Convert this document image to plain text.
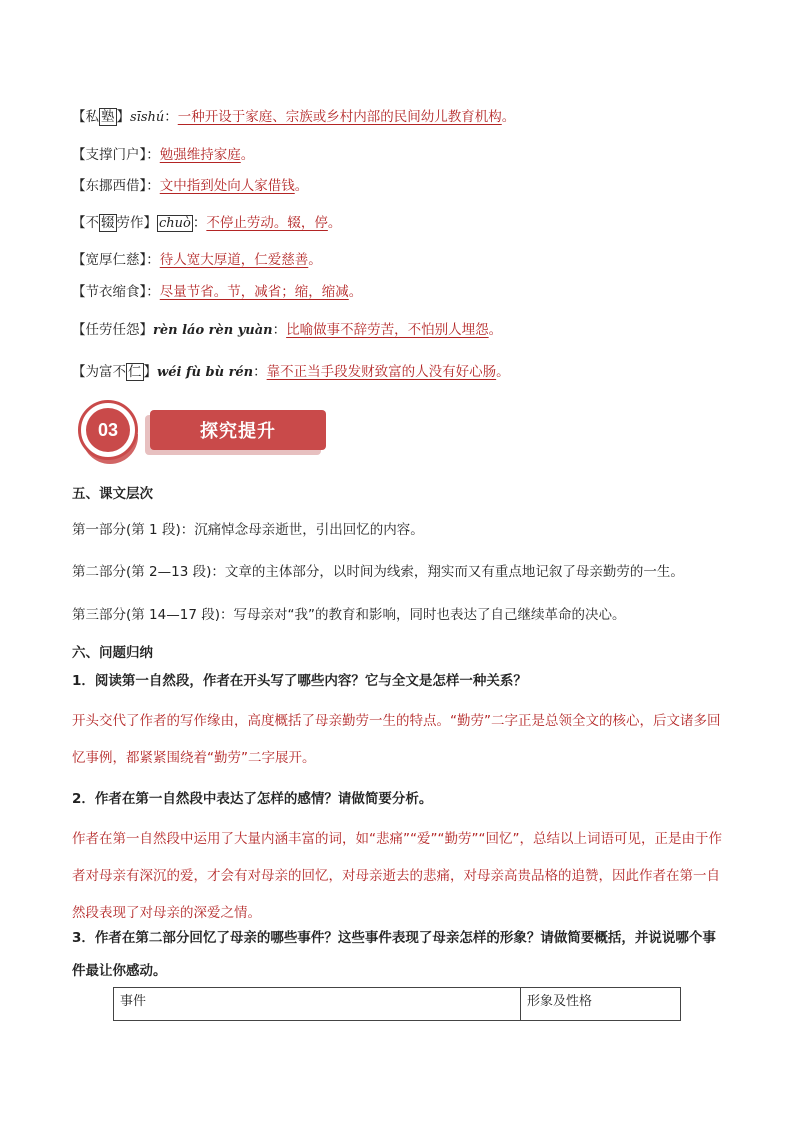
【私 塾 】sīshú：一种开设于家庭、宗族或乡村内部的民间幼儿教育机构。
【支撑门户】：勉强维持家庭。
【东挪西借】：文中指到处向人家借钱。
【不 辍 劳作】 chuò ：不停止劳动。辍，停。
【宽厚仁慈】：待人宽大厚道，仁爱慈善。
【节衣缩食】：尽量节省。节，减省；缩，缩减。
【任劳任怨】rèn láo rèn yuàn：比喻做事不辞劳苦，不怕别人埋怨。
【为富不 仁 】wéi fù bù rén：靠不正当手段发财致富的人没有好心肠。
03	探究提升
五、课文层次
第一部分(第 1 段)：沉痛悼念母亲逝世，引出回忆的内容。
第二部分(第 2—13 段)：文章的主体部分，以时间为线索，翔实而又有重点地记叙了母亲勤劳的一生。
第三部分(第 14—17 段)：写母亲对“我”的教育和影响，同时也表达了自己继续革命的决心。
六、问题归纳
1．阅读第一自然段，作者在开头写了哪些内容？它与全文是怎样一种关系？
开头交代了作者的写作缘由，高度概括了母亲勤劳一生的特点。“勤劳”二字正是总领全文的核心，后文诸多回忆事例，都紧紧围绕着“勤劳”二字展开。
2．作者在第一自然段中表达了怎样的感情？请做简要分析。
作者在第一自然段中运用了大量内涵丰富的词，如“悲痛”“爱”“勤劳”“回忆”，总结以上词语可见，正是由于作者对母亲有深沉的爱，才会有对母亲的回忆，对母亲逝去的悲痛，对母亲高贵品格的追赞，因此作者在第一自然段表现了对母亲的深爱之情。
3．作者在第二部分回忆了母亲的哪些事件？这些事件表现了母亲怎样的形象？请做简要概括，并说说哪个事件最让你感动。
事件	形象及性格
